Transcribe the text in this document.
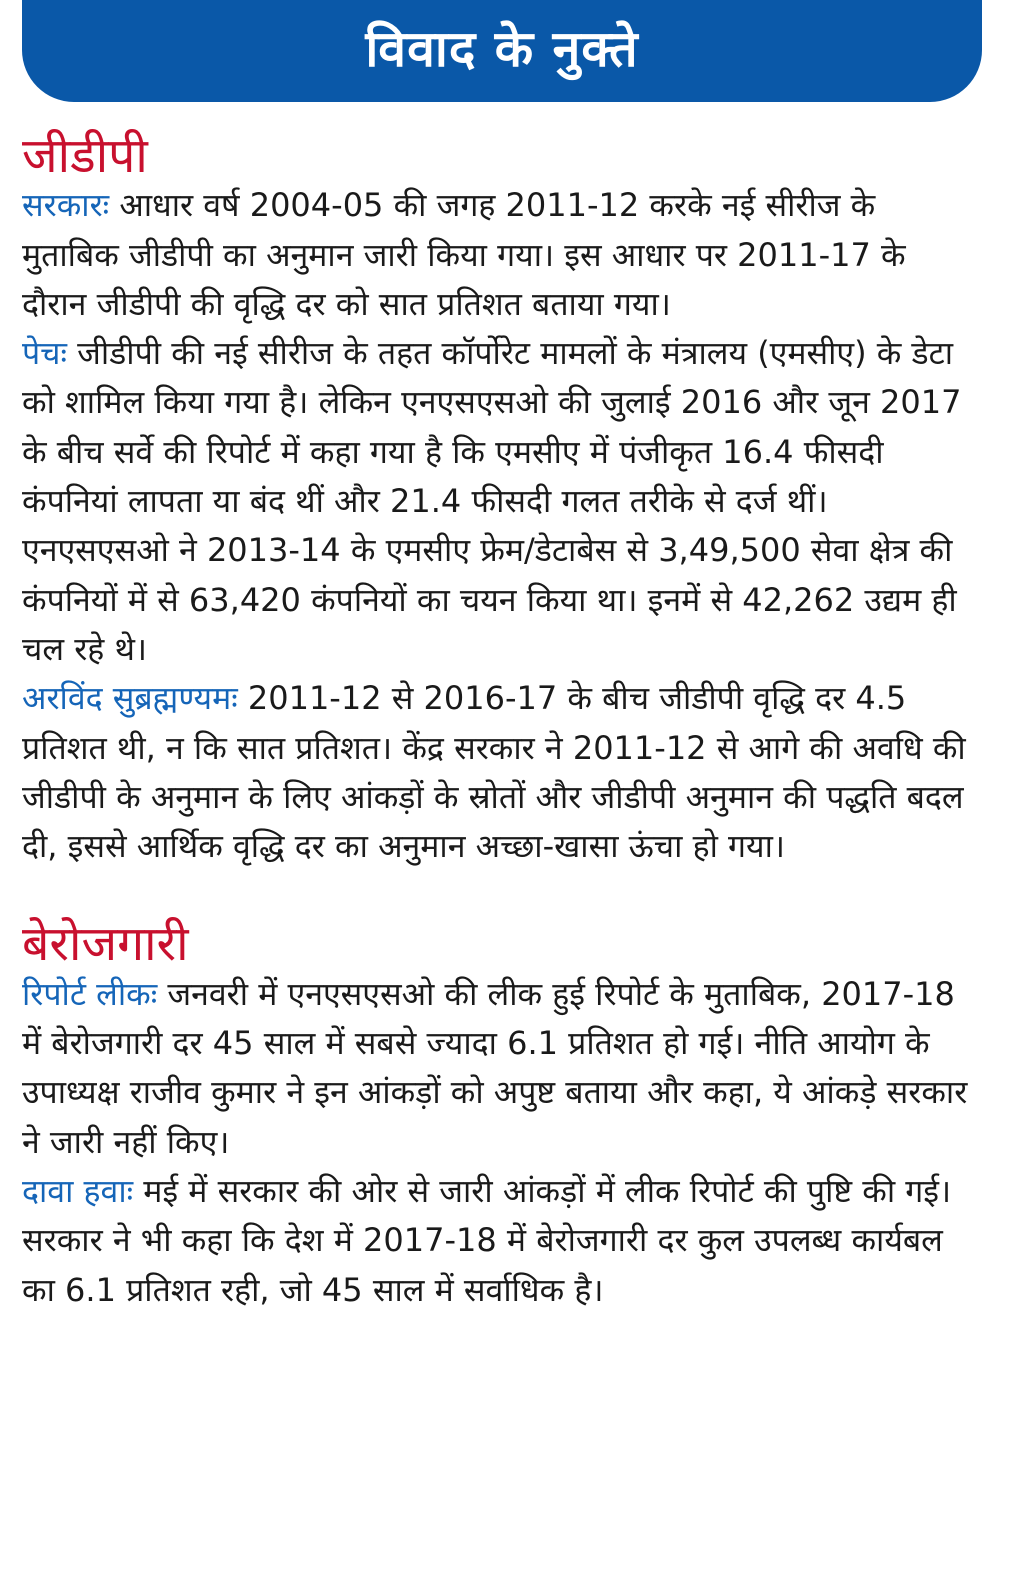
विवाद के नुक्ते
जीडीपी

सरकारः आधार वर्ष 2004-05 की जगह 2011-12 करके नई सीरीज के मुताबिक जीडीपी का अनुमान जारी किया गया। इस आधार पर 2011-17 के दौरान जीडीपी की वृद्धि दर को सात प्रतिशत बताया गया।

पेचः जीडीपी की नई सीरीज के तहत कॉर्पोरेट मामलों के मंत्रालय (एमसीए) के डेटा को शामिल किया गया है। लेकिन एनएसएसओ की जुलाई 2016 और जून 2017 के बीच सर्वे की रिपोर्ट में कहा गया है कि एमसीए में पंजीकृत 16.4 फीसदी कंपनियां लापता या बंद थीं और 21.4 फीसदी गलत तरीके से दर्ज थीं। एनएसएसओ ने 2013-14 के एमसीए फ्रेम/डेटाबेस से 3,49,500 सेवा क्षेत्र की कंपनियों में से 63,420 कंपनियों का चयन किया था। इनमें से 42,262 उद्यम ही चल रहे थे।

अरविंद सुब्रह्मण्यमः 2011-12 से 2016-17 के बीच जीडीपी वृद्धि दर 4.5 प्रतिशत थी, न कि सात प्रतिशत। केंद्र सरकार ने 2011-12 से आगे की अवधि की जीडीपी के अनुमान के लिए आंकड़ों के स्रोतों और जीडीपी अनुमान की पद्धति बदल दी, इससे आर्थिक वृद्धि दर का अनुमान अच्छा-खासा ऊंचा हो गया।

बेरोजगारी

रिपोर्ट लीकः जनवरी में एनएसएसओ की लीक हुई रिपोर्ट के मुताबिक, 2017-18 में बेरोजगारी दर 45 साल में सबसे ज्यादा 6.1 प्रतिशत हो गई। नीति आयोग के उपाध्यक्ष राजीव कुमार ने इन आंकड़ों को अपुष्ट बताया और कहा, ये आंकड़े सरकार ने जारी नहीं किए।

दावा हवाः मई में सरकार की ओर से जारी आंकड़ों में लीक रिपोर्ट की पुष्टि की गई। सरकार ने भी कहा कि देश में 2017-18 में बेरोजगारी दर कुल उपलब्ध कार्यबल का 6.1 प्रतिशत रही, जो 45 साल में सर्वाधिक है।
